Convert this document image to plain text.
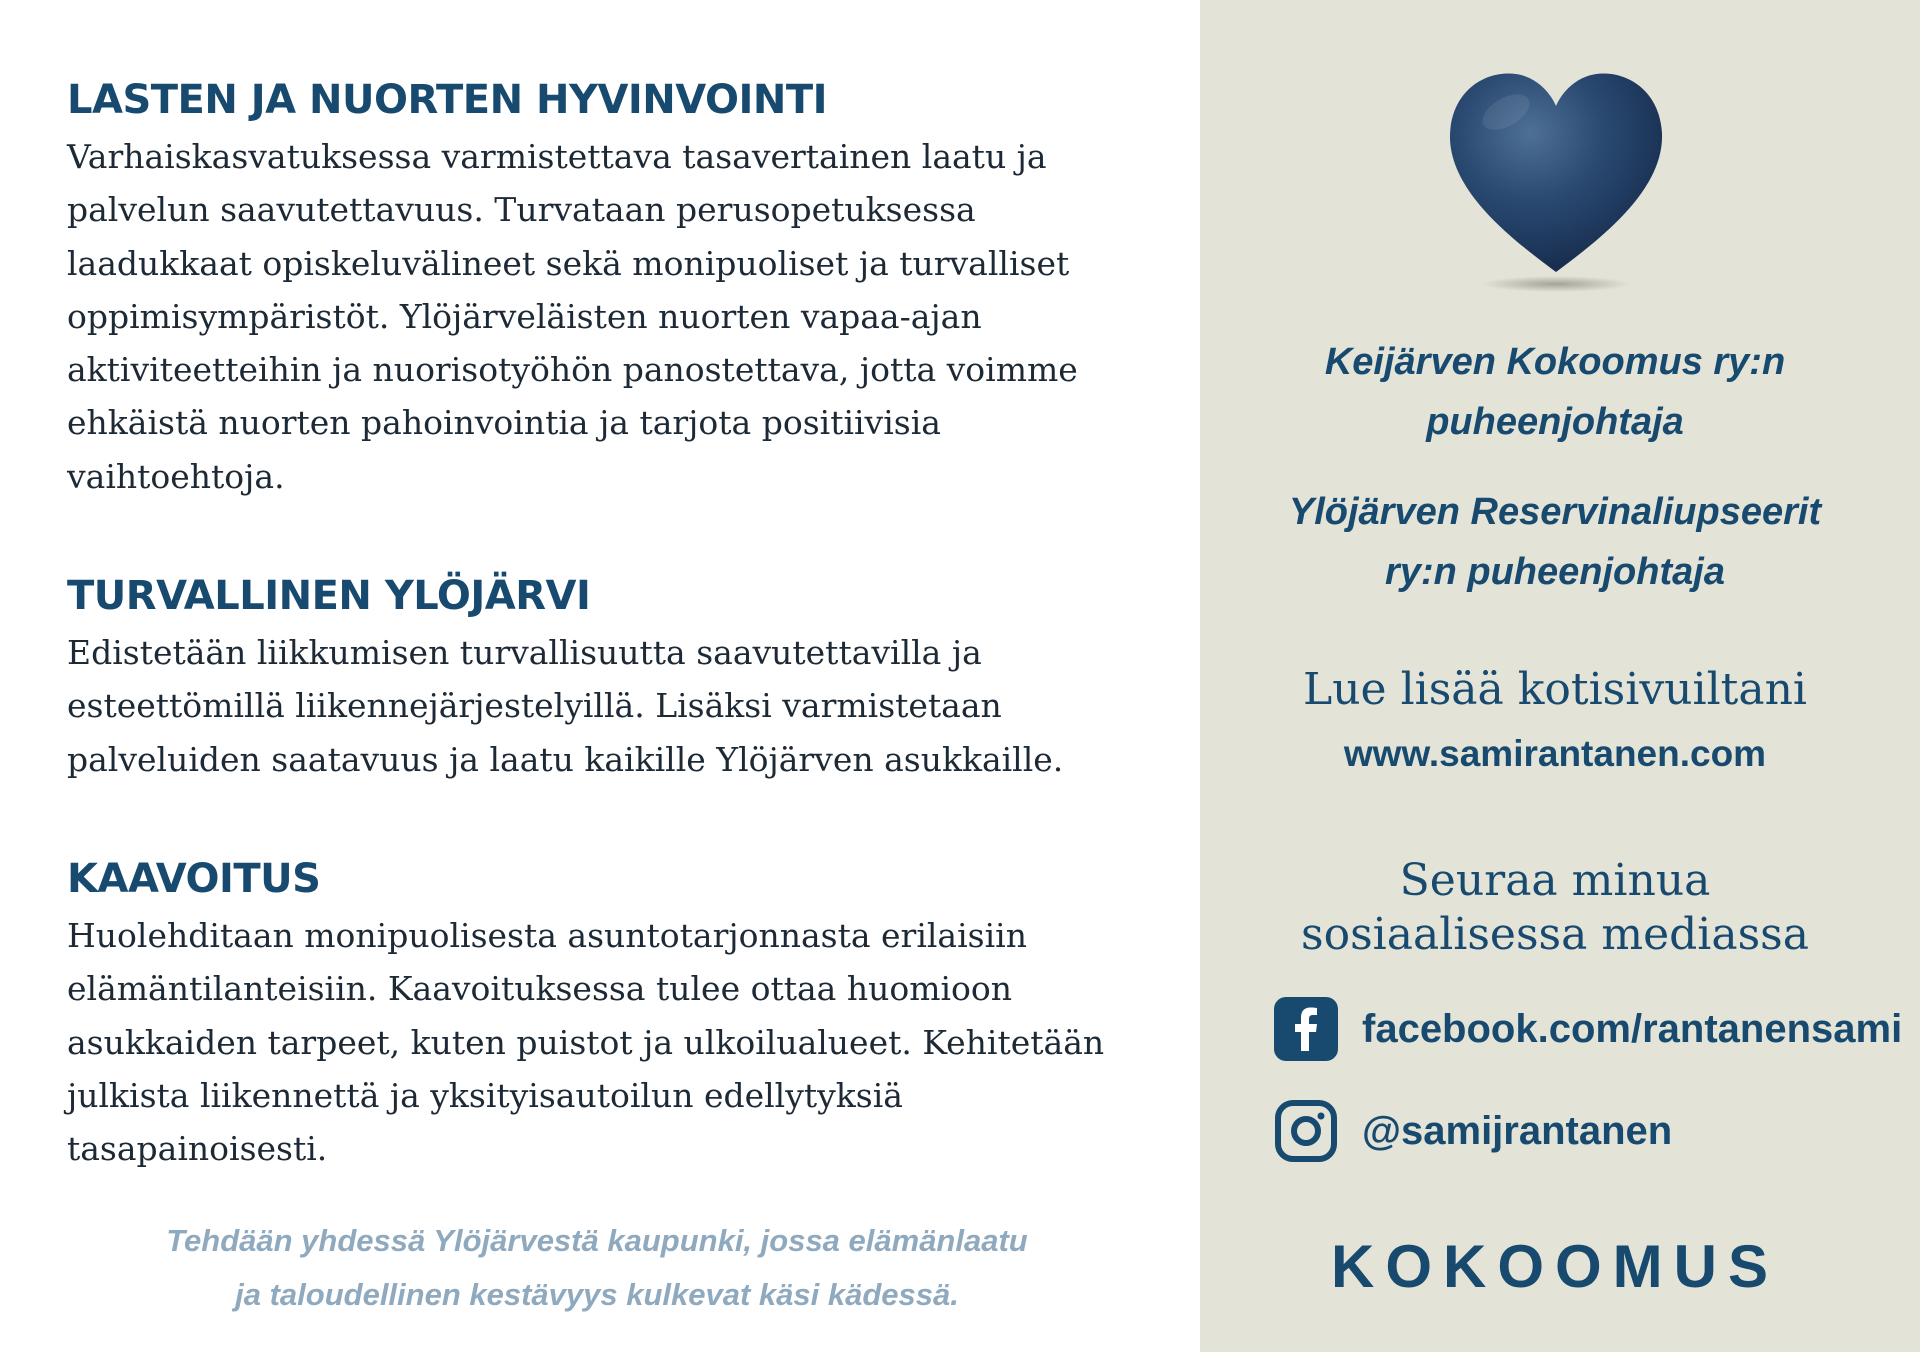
LASTEN JA NUORTEN HYVINVOINTI

Varhaiskasvatuksessa varmistettava tasavertainen laatu ja
palvelun saavutettavuus. Turvataan perusopetuksessa
laadukkaat opiskeluvälineet sekä monipuoliset ja turvalliset
oppimisympäristöt. Ylöjärveläisten nuorten vapaa-ajan
aktiviteetteihin ja nuorisotyöhön panostettava, jotta voimme
ehkäistä nuorten pahoinvointia ja tarjota positiivisia
vaihtoehtoja.

TURVALLINEN YLÖJÄRVI

Edistetään liikkumisen turvallisuutta saavutettavilla ja
esteettömillä liikennejärjestelyillä. Lisäksi varmistetaan
palveluiden saatavuus ja laatu kaikille Ylöjärven asukkaille.

KAAVOITUS

Huolehditaan monipuolisesta asuntotarjonnasta erilaisiin
elämäntilanteisiin. Kaavoituksessa tulee ottaa huomioon
asukkaiden tarpeet, kuten puistot ja ulkoilualueet. Kehitetään
julkista liikennettä ja yksityisautoilun edellytyksiä
tasapainoisesti.

Tehdään yhdessä Ylöjärvestä kaupunki, jossa elämänlaatu
ja taloudellinen kestävyys kulkevat käsi kädessä.
Keijärven Kokoomus ry:n
puheenjohtaja
Ylöjärven Reservinaliupseerit
ry:n puheenjohtaja
Lue lisää kotisivuiltani
www.samirantanen.com
Seuraa minua
sosiaalisessa mediassa
facebook.com/rantanensami
@samijrantanen
KOKOOMUS
